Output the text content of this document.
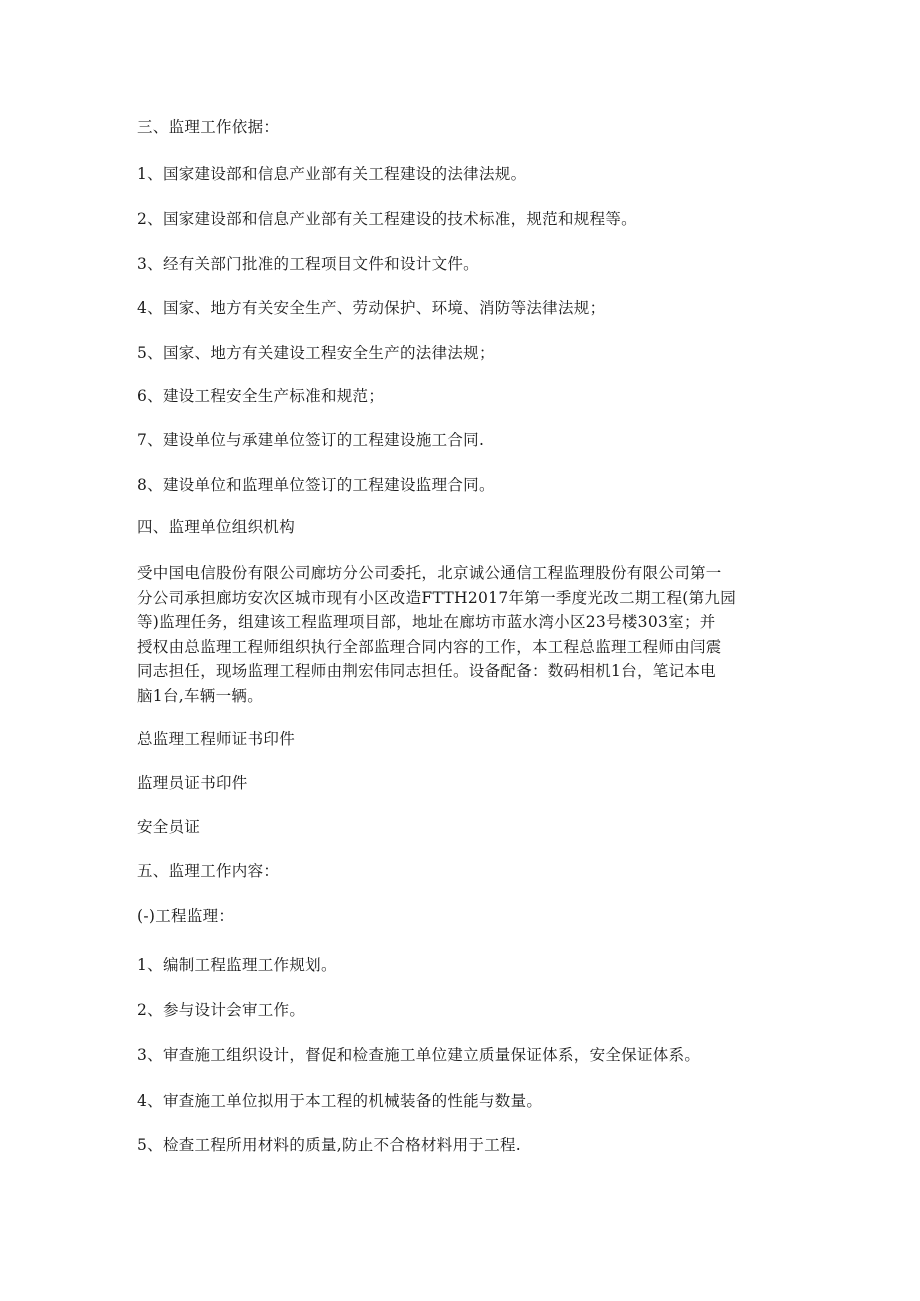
三、监理工作依据：
1、国家建设部和信息产业部有关工程建设的法律法规。
2、国家建设部和信息产业部有关工程建设的技术标准，规范和规程等。
3、经有关部门批准的工程项目文件和设计文件。
4、国家、地方有关安全生产、劳动保护、环境、消防等法律法规；
5、国家、地方有关建设工程安全生产的法律法规；
6、建设工程安全生产标准和规范；
7、建设单位与承建单位签订的工程建设施工合同.
8、建设单位和监理单位签订的工程建设监理合同。
四、监理单位组织机构
受中国电信股份有限公司廊坊分公司委托，北京诚公通信工程监理股份有限公司第一
分公司承担廊坊安次区城市现有小区改造FTTH2017年第一季度光改二期工程(第九园
等)监理任务，组建该工程监理项目部，地址在廊坊市蓝水湾小区23号楼303室；并
授权由总监理工程师组织执行全部监理合同内容的工作，本工程总监理工程师由闫震
同志担任，现场监理工程师由荆宏伟同志担任。设备配备：数码相机1台，笔记本电
脑1台,车辆一辆。
总监理工程师证书印件
监理员证书印件
安全员证
五、监理工作内容：
(-)工程监理：
1、编制工程监理工作规划。
2、参与设计会审工作。
3、审查施工组织设计，督促和检查施工单位建立质量保证体系，安全保证体系。
4、审查施工单位拟用于本工程的机械装备的性能与数量。
5、检查工程所用材料的质量,防止不合格材料用于工程.
